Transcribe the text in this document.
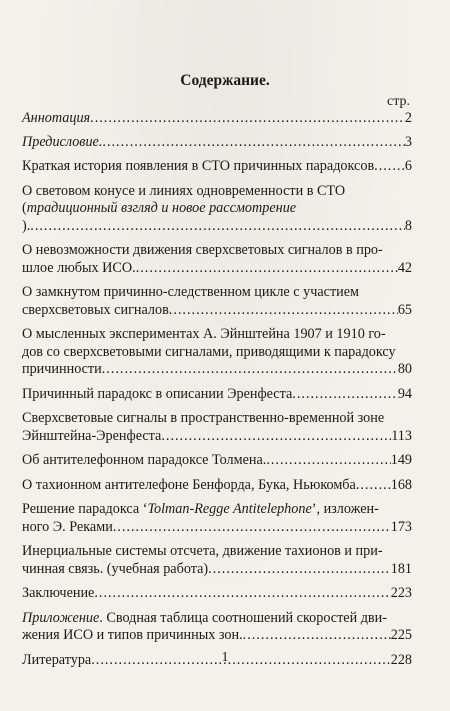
Содержание.
стр.
Аннотация .....	2
Предисловие. .....	3
Краткая история появления в СТО причинных парадоксов ..... 6
О световом конусе и линиях одновременности в СТО (традиционный взгляд и новое рассмотрение
). .....	8
О невозможности движения сверхсветовых сигналов в про-
шлое любых ИСО. .....	42
О замкнутом причинно-следственном цикле с участием
сверхсветовых сигналов .....	65
О мысленных экспериментах А. Эйнштейна 1907 и 1910 го-
дов со сверхсветовыми сигналами, приводящими к парадоксу
причинности .....	80
Причинный парадокс в описании Эренфеста .....	94
Сверхсветовые сигналы в пространственно-временной зоне
Эйнштейна-Эренфеста .....	113
Об антителефонном парадоксе Толмена. .....	149
О тахионном антителефоне Бенфорда, Бука, Ньюкомба ..... 168
Решение парадокса ‘Tolman-Regge Antitelephone’, изложен-
ного Э. Реками .....	173
Инерциальные системы отсчета, движение тахионов и при-
чинная связь. (учебная работа) .....	181
Заключение .....	223
Приложение. Сводная таблица соотношений скоростей дви-
жения ИСО и типов причинных зон. .....	225
Литература .....	228
1
